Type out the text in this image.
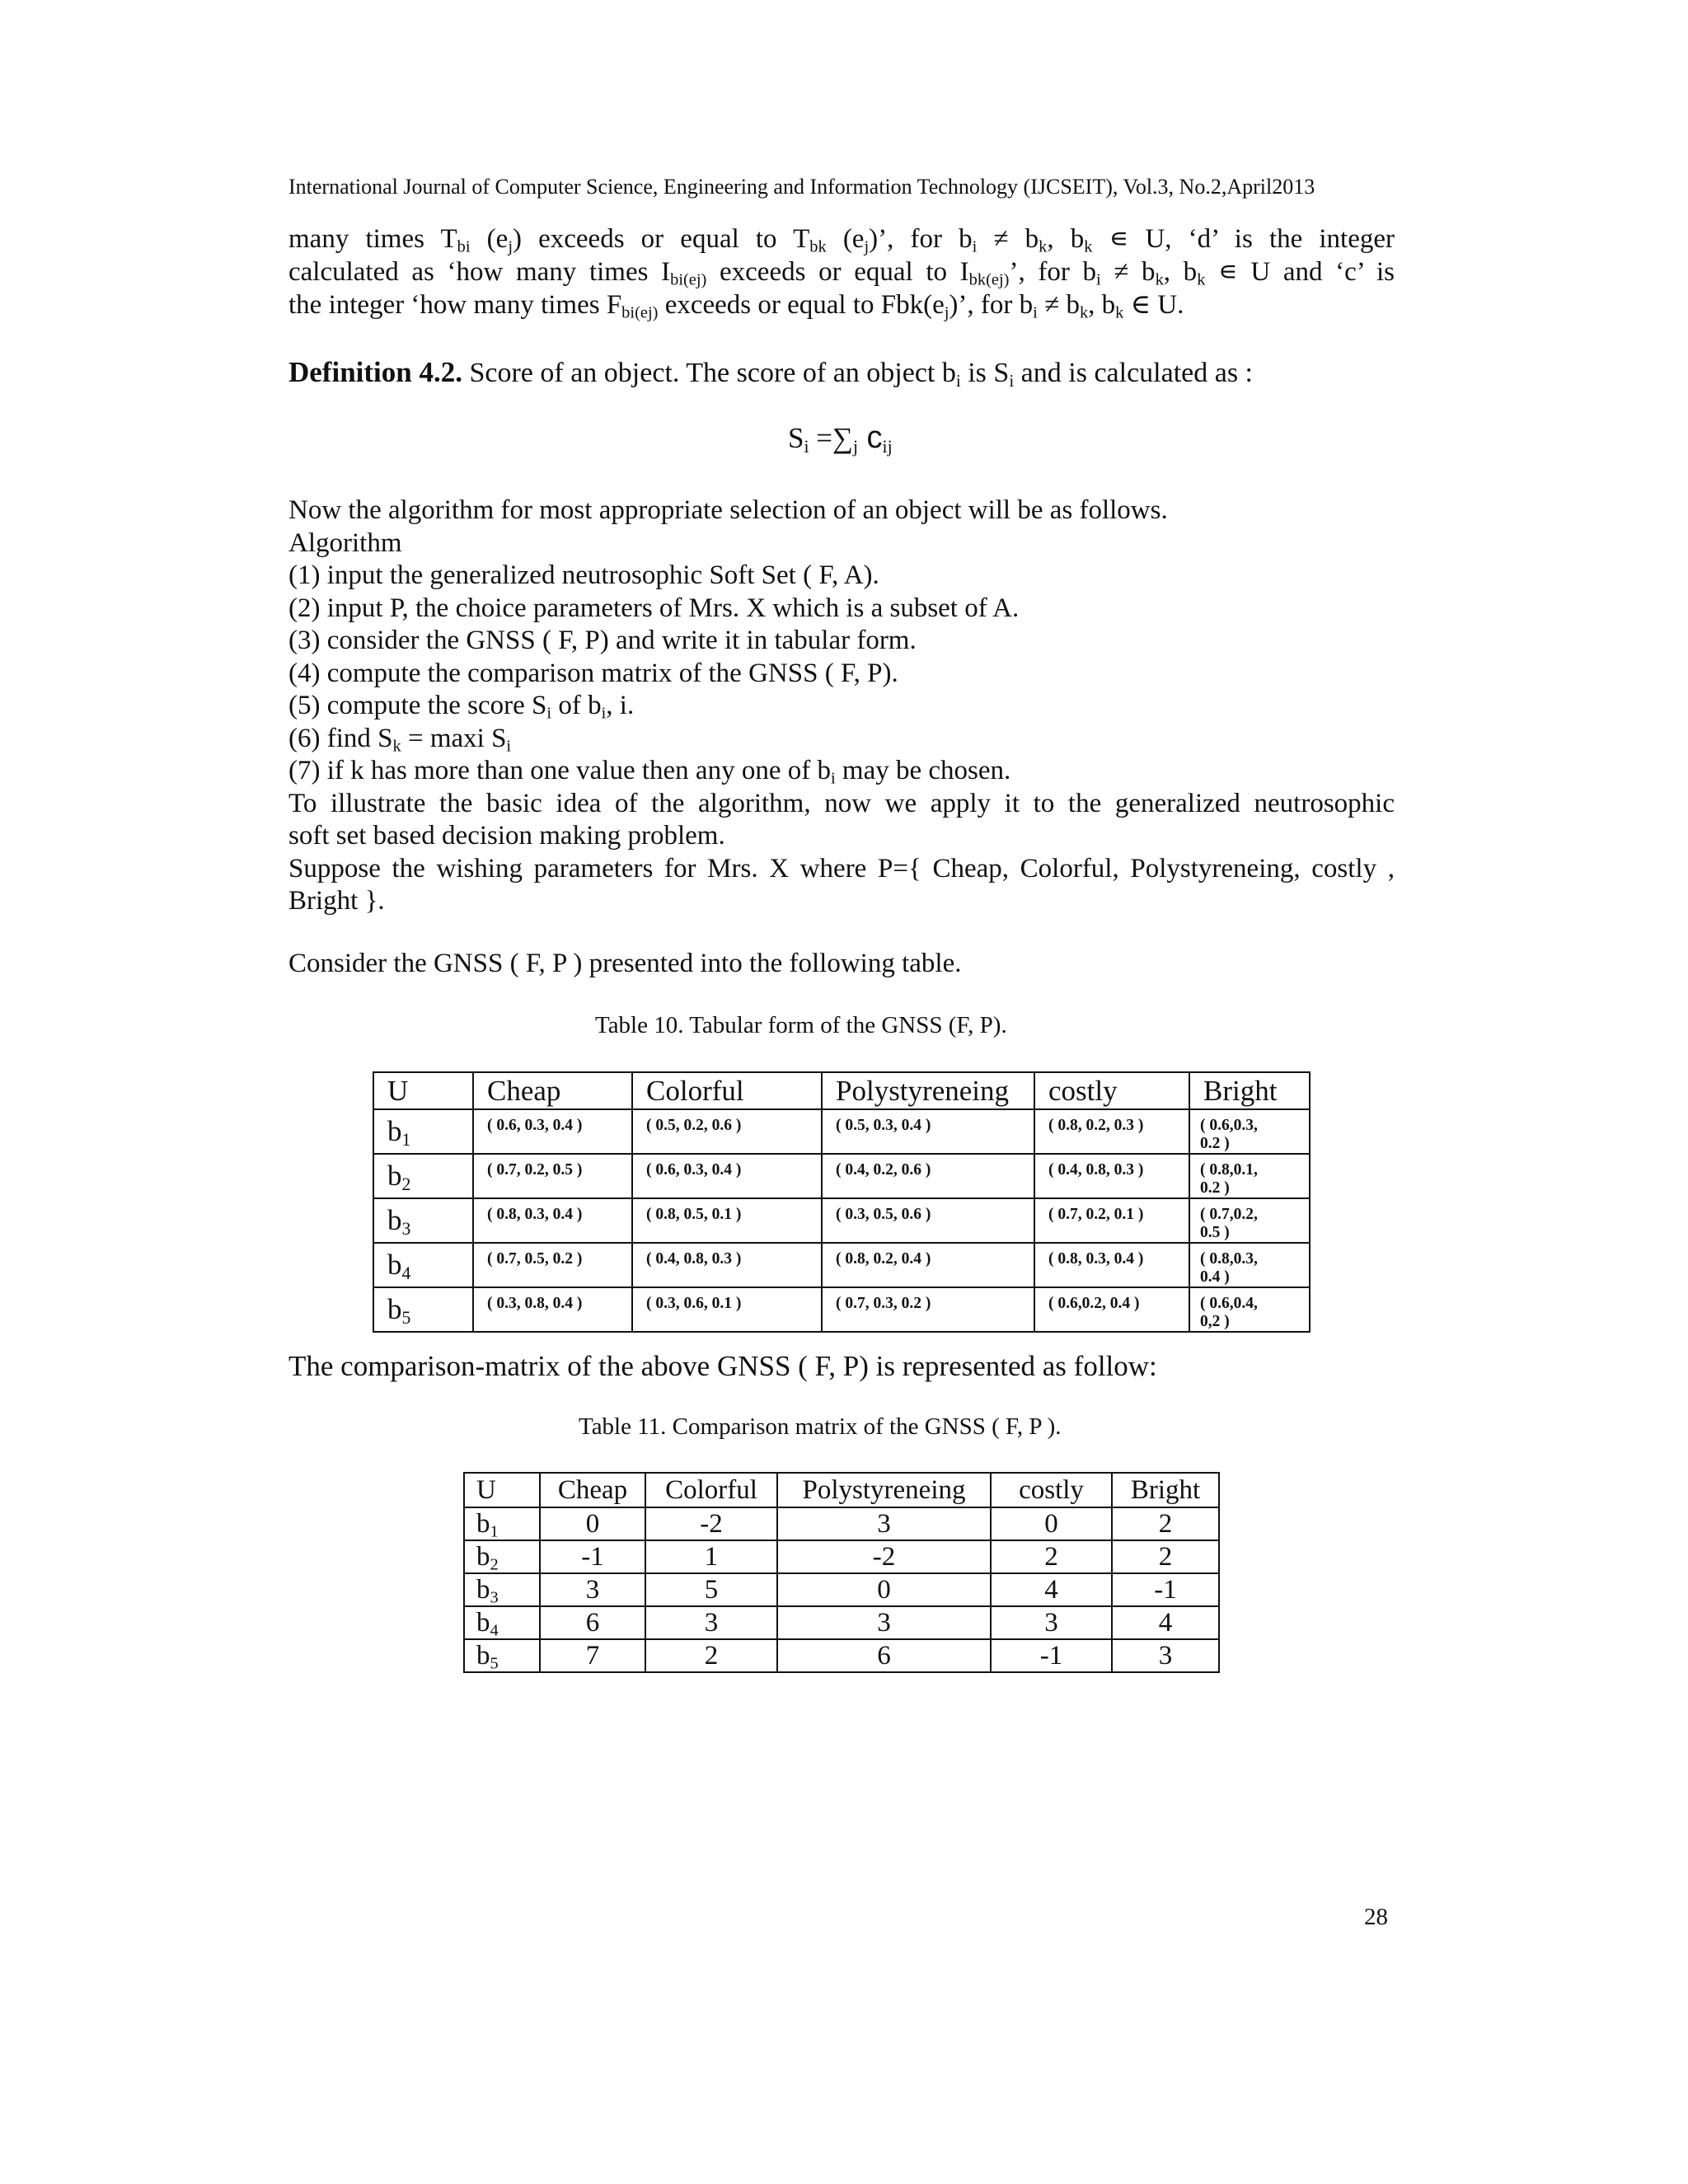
International Journal of Computer Science, Engineering and Information Technology (IJCSEIT), Vol.3, No.2,April2013
many times $T_{bi}$ $(e_j)$ exceeds or equal to $T_{bk}$ $(e_j)$’, for $b_i \ne b_k$, $b_k$ ∊ U, ‘d’ is the integer
calculated as ‘how many times $I_{bi(ej)}$ exceeds or equal to $I_{bk(ej)}$’, for $b_i \ne b_k$, $b_k$ ∊ U and ‘c’ is
the integer ‘how many times $F_{bi(ej)}$ exceeds or equal to $Fbk(e_j)$’, for $b_i \ne b_k$, $b_k$ ∈ U.
Definition 4.2. Score of an object. The score of an object $b_i$ is $S_i$ and is calculated as :
$S_i =\sum_j$ $c_{ij}$
Now the algorithm for most appropriate selection of an object will be as follows.
Algorithm
(1) input the generalized neutrosophic Soft Set ( F, A).
(2) input P, the choice parameters of Mrs. X which is a subset of A.
(3) consider the GNSS ( F, P) and write it in tabular form.
(4) compute the comparison matrix of the GNSS ( F, P).
(5) compute the score $S_i$ of $b_i$, i.
(6) find $S_k = \max i$ $S_i$
(7) if k has more than one value then any one of $b_i$ may be chosen.
To illustrate the basic idea of the algorithm, now we apply it to the generalized neutrosophic
soft set based decision making problem.
Suppose the wishing parameters for Mrs. X where P={ Cheap, Colorful, Polystyreneing, costly ,
Bright }.
Consider the GNSS ( F, P ) presented into the following table.
Table 10. Tabular form of the GNSS (F, P).
U	Cheap	Colorful	Polystyreneing	costly	Bright
$b_1$	( 0.6, 0.3, 0.4 )	( 0.5, 0.2, 0.6 )	( 0.5, 0.3, 0.4 )	( 0.8, 0.2, 0.3 )	( 0.6,0.3,
0.2 )
$b_2$	( 0.7, 0.2, 0.5 )	( 0.6, 0.3, 0.4 )	( 0.4, 0.2, 0.6 )	( 0.4, 0.8, 0.3 )	( 0.8,0.1,
0.2 )
$b_3$	( 0.8, 0.3, 0.4 )	( 0.8, 0.5, 0.1 )	( 0.3, 0.5, 0.6 )	( 0.7, 0.2, 0.1 )	( 0.7,0.2,
0.5 )
$b_4$	( 0.7, 0.5, 0.2 )	( 0.4, 0.8, 0.3 )	( 0.8, 0.2, 0.4 )	( 0.8, 0.3, 0.4 )	( 0.8,0.3,
0.4 )
$b_5$	( 0.3, 0.8, 0.4 )	( 0.3, 0.6, 0.1 )	( 0.7, 0.3, 0.2 )	( 0.6,0.2, 0.4 )	( 0.6,0.4,
0,2 )
The comparison-matrix of the above GNSS ( F, P) is represented as follow:
Table 11. Comparison matrix of the GNSS ( F, P ).
U	Cheap	Colorful	Polystyreneing	costly	Bright
$b_1$	0	-2	3	0	2
$b_2$	-1	1	-2	2	2
$b_3$	3	5	0	4	-1
$b_4$	6	3	3	3	4
$b_5$	7	2	6	-1	3
28
